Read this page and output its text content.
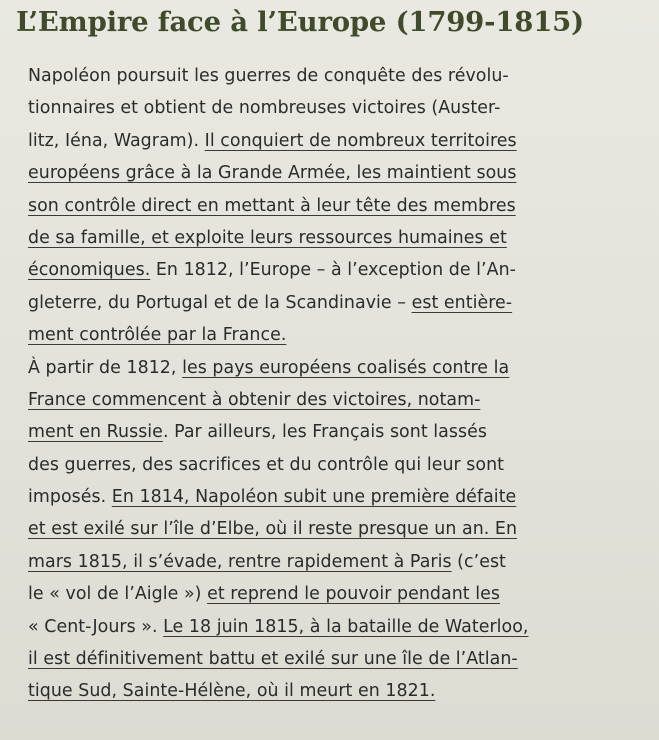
L’Empire face à l’Europe (1799-1815)
Napoléon poursuit les guerres de conquête des révolu-
tionnaires et obtient de nombreuses victoires (Auster-
litz, Iéna, Wagram). Il conquiert de nombreux territoires
européens grâce à la Grande Armée, les maintient sous
son contrôle direct en mettant à leur tête des membres
de sa famille, et exploite leurs ressources humaines et
économiques. En 1812, l’Europe – à l’exception de l’An-
gleterre, du Portugal et de la Scandinavie – est entière-
ment contrôlée par la France.
À partir de 1812, les pays européens coalisés contre la
France commencent à obtenir des victoires, notam-
ment en Russie. Par ailleurs, les Français sont lassés
des guerres, des sacrifices et du contrôle qui leur sont
imposés. En 1814, Napoléon subit une première défaite
et est exilé sur l’île d’Elbe, où il reste presque un an. En
mars 1815, il s’évade, rentre rapidement à Paris (c’est
le « vol de l’Aigle ») et reprend le pouvoir pendant les
« Cent-Jours ». Le 18 juin 1815, à la bataille de Waterloo,
il est définitivement battu et exilé sur une île de l’Atlan-
tique Sud, Sainte-Hélène, où il meurt en 1821.
